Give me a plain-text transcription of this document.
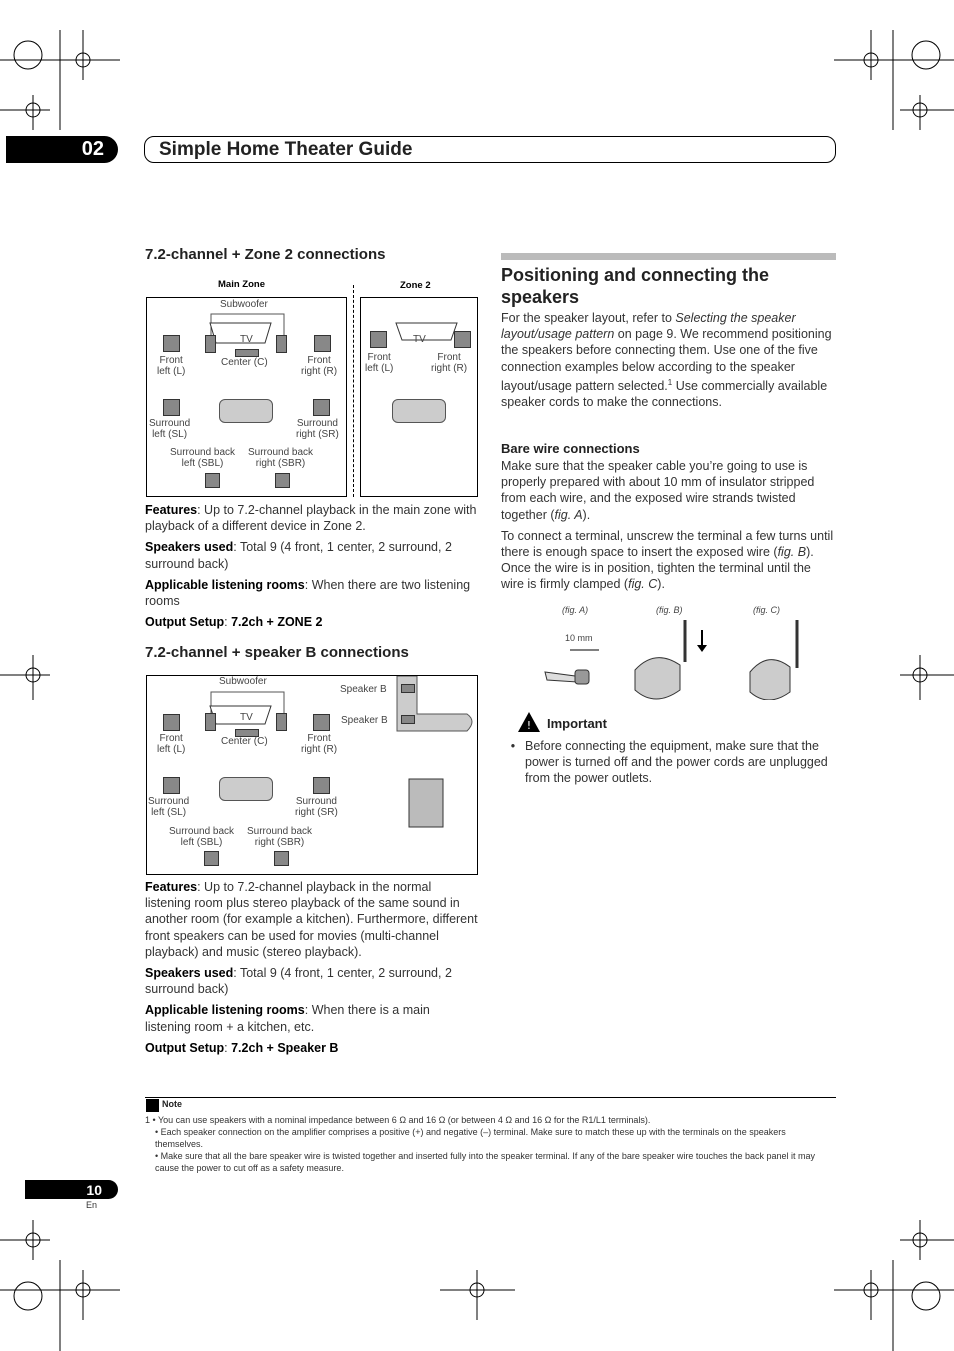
02	Simple Home Theater Guide
7.2-channel + Zone 2 connections
Main Zone	Zone 2
Subwoofer
TV
Front
left (L)
Center (C)	Front
right (R)
Surround
left (SL)
Surround
right (SR)
Surround back
left (SBL)
Surround back
right (SBR)
TV
Front
left (L)
Front
right (R)

Features: Up to 7.2-channel playback in the main zone with playback of a different device in Zone 2.

Speakers used: Total 9 (4 front, 1 center, 2 surround, 2 surround back)

Applicable listening rooms: When there are two listening rooms

Output Setup: 7.2ch + ZONE 2

7.2-channel + speaker B connections
Subwoofer
TV
Front
left (L)
Center (C)	Front
right (R)
Speaker B
Speaker B
Surround
left (SL)
Surround
right (SR)
Surround back
left (SBL)
Surround back
right (SBR)

Features: Up to 7.2-channel playback in the normal listening room plus stereo playback of the same sound in another room (for example a kitchen). Furthermore, different front speakers can be used for movies (multi-channel playback) and music (stereo playback).

Speakers used: Total 9 (4 front, 1 center, 2 surround, 2 surround back)

Applicable listening rooms: When there is a main listening room + a kitchen, etc.

Output Setup: 7.2ch + Speaker B

Positioning and connecting the
speakers

For the speaker layout, refer to Selecting the speaker layout/usage pattern on page 9. We recommend positioning the speakers before connecting them. Use one of the five connection examples below according to the speaker layout/usage pattern selected.$^1$ Use commercially available speaker cords to make the connections.

Bare wire connections

Make sure that the speaker cable you’re going to use is properly prepared with about 10 mm of insulator stripped from each wire, and the exposed wire strands twisted together (fig. A).

To connect a terminal, unscrew the terminal a few turns until there is enough space to insert the exposed wire (fig. B). Once the wire is in position, tighten the terminal until the wire is firmly clamped (fig. C).

(fig. A)	(fig. B)	(fig. C)
10 mm
! Important
• Before connecting the equipment, make sure that the power is turned off and the power cords are unplugged from the power outlets.
Note
1 • You can use speakers with a nominal impedance between 6 Ω and 16 Ω (or between 4 Ω and 16 Ω for the R1/L1 terminals).
• Each speaker connection on the amplifier comprises a positive (+) and negative (–) terminal. Make sure to match these up with the terminals on the speakers themselves.
• Make sure that all the bare speaker wire is twisted together and inserted fully into the speaker terminal. If any of the bare speaker wire touches the back panel it may cause the power to cut off as a safety measure.
10
En
